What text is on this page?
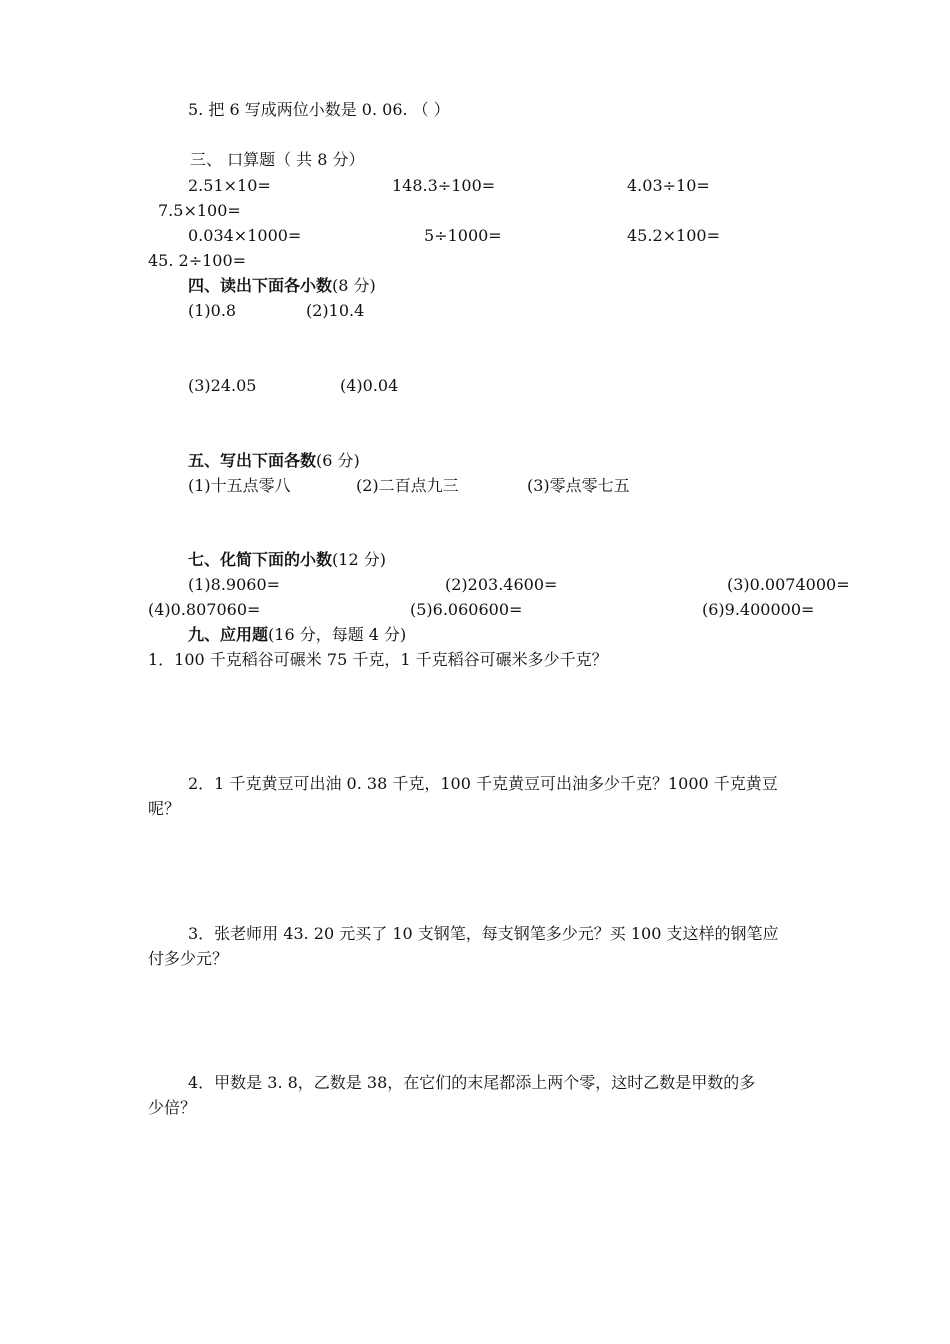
5. 把 6 写成两位小数是 0. 06. （ ）
三、 口算题（ 共 8 分）
2.51×10=	148.3÷100=	4.03÷10=
7.5×100=
0.034×1000=	5÷1000=	45.2×100=
45. 2÷100=
四、读出下面各小数(8 分)
(1)0.8	(2)10.4
(3)24.05	(4)0.04
五、写出下面各数(6 分)
(1)十五点零八	(2)二百点九三	(3)零点零七五
七、化简下面的小数(12 分)
(1)8.9060=	(2)203.4600=	(3)0.0074000=
(4)0.807060=	(5)6.060600=	(6)9.400000=
九、应用题(16 分，每题 4 分)
1．100 千克稻谷可碾米 75 千克，1 千克稻谷可碾米多少千克？
2．1 千克黄豆可出油 0. 38 千克，100 千克黄豆可出油多少千克？1000 千克黄豆
呢？
3．张老师用 43. 20 元买了 10 支钢笔，每支钢笔多少元？买 100 支这样的钢笔应
付多少元？
4．甲数是 3. 8，乙数是 38，在它们的末尾都添上两个零，这时乙数是甲数的多
少倍？
